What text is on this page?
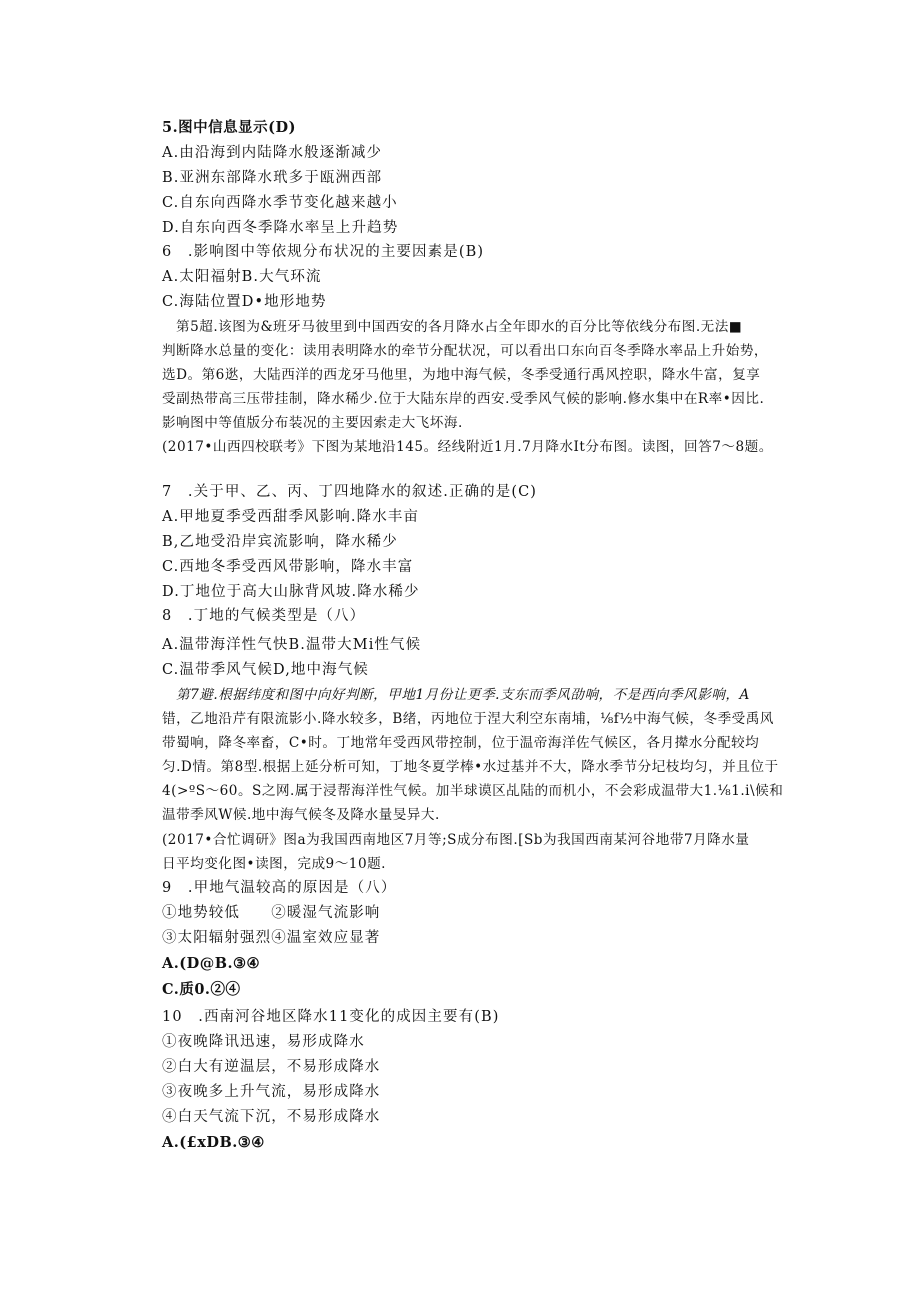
5.图中信息显示(D)
A.由沿海到内陆降水般逐渐减少
B.亚洲东部降水玳多于瓯洲西部
C.自东向西降水季节变化越来越小
D.自东向西冬季降水率呈上升趋势
6　.影响图中等依规分布状况的主要因素是(B)
A.太阳福射B.大气环流
C.海陆位置D•地形地势
第5超.该图为&班牙马彼里到中国西安的各月降水占全年即水的百分比等依线分布图.无法■
判断降水总量的变化：读用表明降水的牵节分配状况，可以看出口东向百冬季降水率品上升始势，
选D。第6逖，大陆西洋的西龙牙马他里，为地中海气候，冬季受通行禹风控职，降水牛富，复享
受副热带高三压带挂制，降水稀少.位于大陆东岸的西安.受季风气候的影响.修水集中在R率•因比.
影响图中等值版分布装况的主要因索走大飞坏海.
(2017•山西四校联考》下图为某地沿145。经线附近1月.7月降水It分布图。读图，回答7～8题。
7　.关于甲、乙、丙、丁四地降水的叙述.正确的是(C)
A.甲地夏季受西甜季风影响.降水丰亩
B,乙地受沿岸宾流影响，降水稀少
C.西地冬季受西风带影响，降水丰富
D.丁地位于高大山脉背风坡.降水稀少
8　.丁地的气候类型是（八）
A.温带海洋性气快B.温带大Mi性气候
C.温带季风气候D,地中海气候
第7避.根据纬度和图中向好判断，甲地1月份让更季.支东而季风劭响，不是西向季风影响，A
错，乙地沿芹有限流影小.降水较多，B绪，丙地位于涅大利空东南埔，⅛f½中海气候，冬季受禹风
带蜀响，降冬率畜，C•时。丁地常年受西风带控制，位于温帝海洋佐气候区，各月撵水分配较均
匀.D情。第8型.根据上延分析可知，丁地冬夏学棒•水过基并不大，降水季节分圮枝均匀，并且位于
4(>ºS～60。S之网.属于浸帮海洋性气候。加半球谟区乩陆的而机小，不会彩成温带大1.⅛1.i\候和
温带季风W候.地中海气候冬及降水量旻异大.
(2017•合忙调研》图a为我国西南地区7月等;S成分布图.[Sb为我国西南某河谷地带7月降水量
日平均变化图•读图，完成9～10题.
9　.甲地气温较高的原因是（八）
①地势较低　　②暖湿气流影响
③太阳辐射强烈④温室效应显著
A.(D@B.③④
C.质0.②④
10　.西南河谷地区降水11变化的成因主要有(B)
①夜晚降讯迅速，易形成降水
②白大有逆温层，不易形成降水
③夜晚多上升气流，易形成降水
④白天气流下沉，不易形成降水
A.(£xDB.③④
